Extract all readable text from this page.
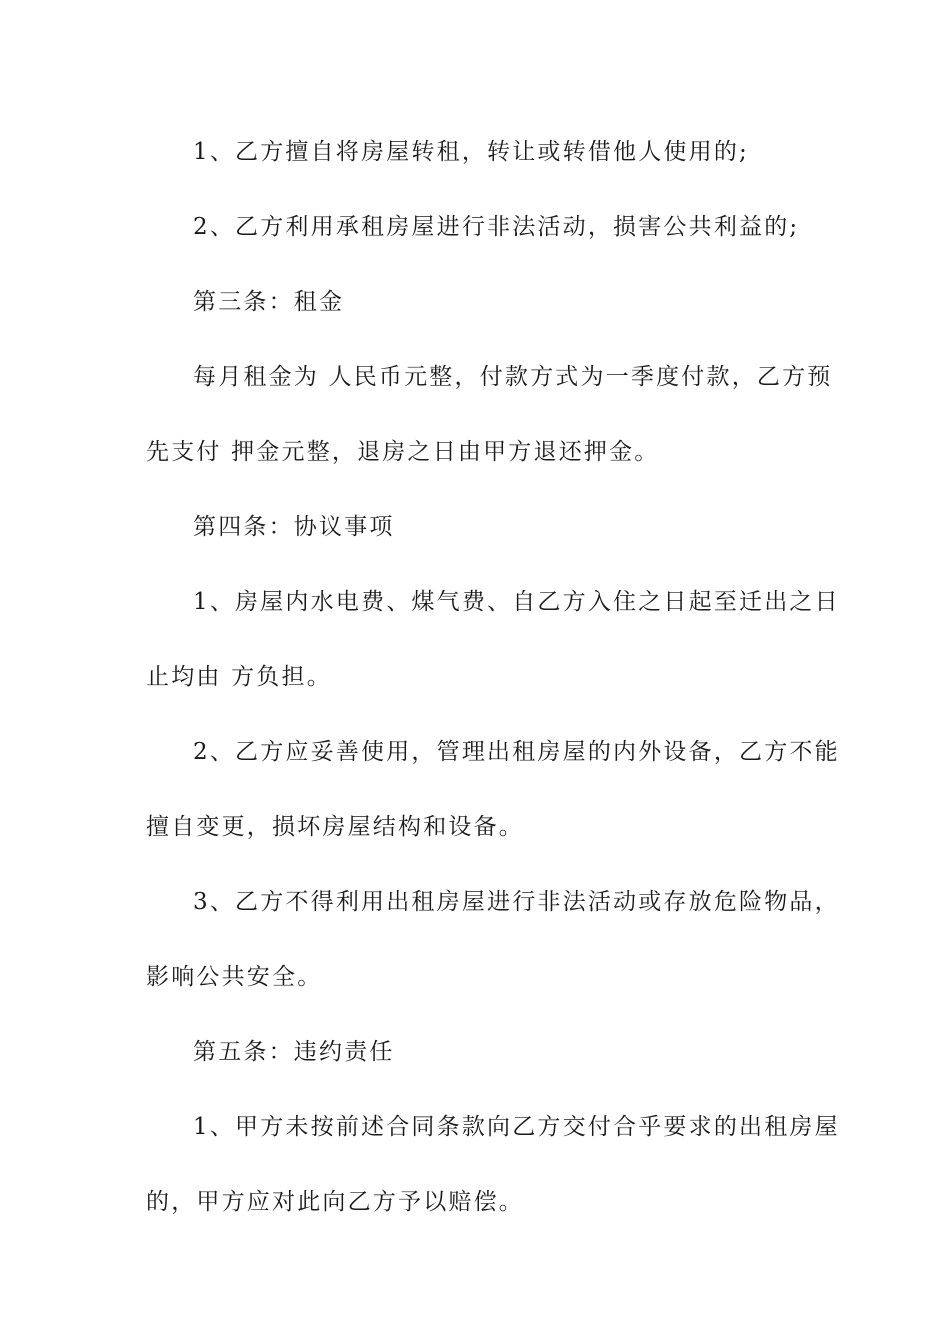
1、乙方擅自将房屋转租，转让或转借他人使用的;
2、乙方利用承租房屋进行非法活动，损害公共利益的;
第三条：租金
每月租金为 人民币元整，付款方式为一季度付款，乙方预
先支付 押金元整，退房之日由甲方退还押金。
第四条：协议事项
1、房屋内水电费、煤气费、自乙方入住之日起至迁出之日
止均由 方负担。
2、乙方应妥善使用，管理出租房屋的内外设备，乙方不能
擅自变更，损坏房屋结构和设备。
3、乙方不得利用出租房屋进行非法活动或存放危险物品，
影响公共安全。
第五条：违约责任
1、甲方未按前述合同条款向乙方交付合乎要求的出租房屋
的，甲方应对此向乙方予以赔偿。
